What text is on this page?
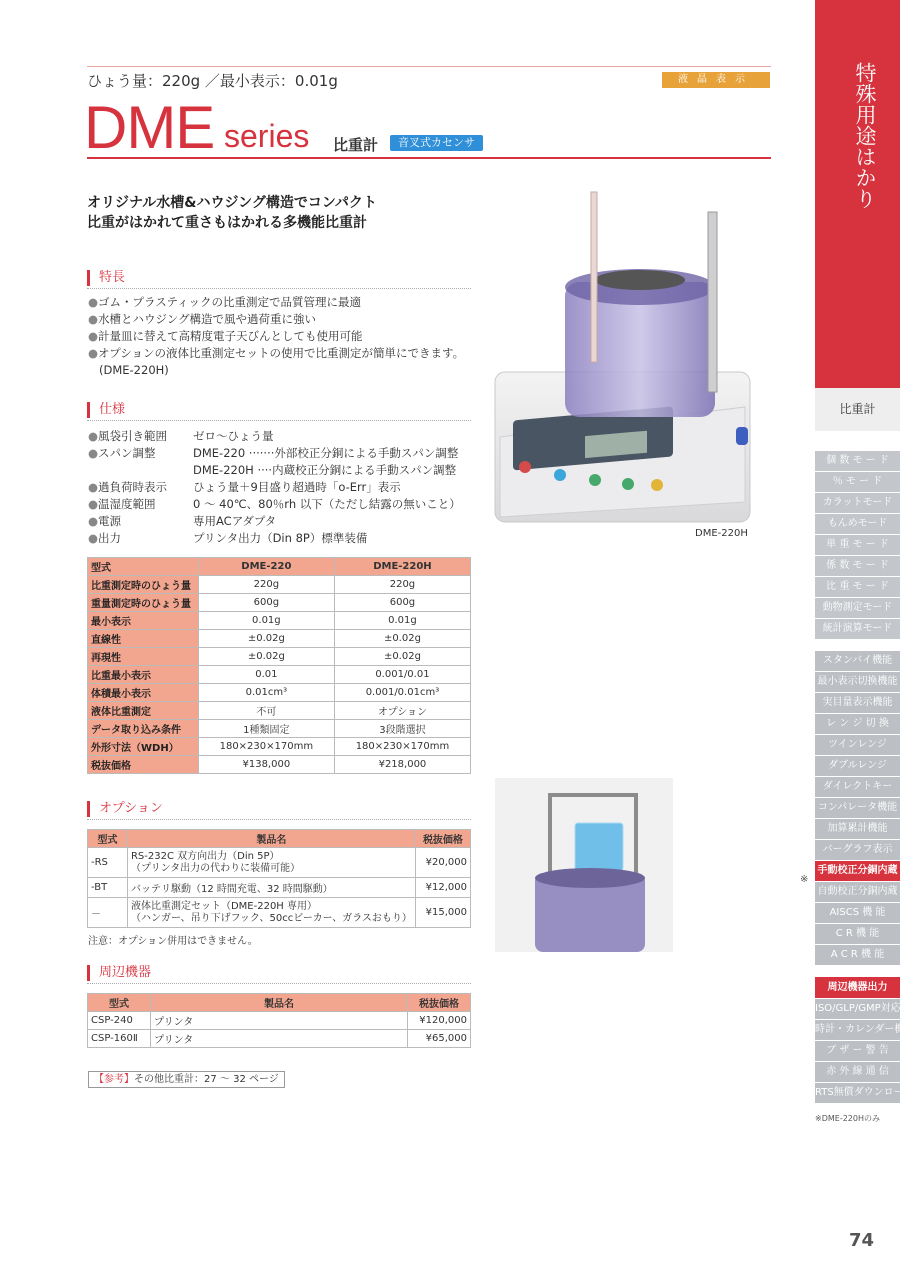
ひょう量：220g ／最小表示：0.01g	液晶表示
DME series 比重計	音叉式カセンサ
オリジナル水槽&ハウジング構造でコンパクト
比重がはかれて重さもはかれる多機能比重計
特長
●ゴム・プラスティックの比重測定で品質管理に最適
●水槽とハウジング構造で風や過荷重に強い
●計量皿に替えて高精度電子天びんとしても使用可能
●オプションの液体比重測定セットの使用で比重測定が簡単にできます。
(DME-220H)
仕様
●風袋引き範囲	ゼロ～ひょう量
●スパン調整	DME-220 ·······外部校正分銅による手動スパン調整
DME-220H ····内蔵校正分銅による手動スパン調整
●過負荷時表示	ひょう量＋9目盛り超過時「o-Err」表示
●温湿度範囲	0 ～ 40℃、80％rh 以下（ただし結露の無いこと）
●電源	専用ACアダプタ
●出力	プリンタ出力（Din 8P）標準装備
型式	DME-220	DME-220H
比重測定時のひょう量	220g	220g
重量測定時のひょう量	600g	600g
最小表示	0.01g	0.01g
直線性	±0.02g	±0.02g
再現性	±0.02g	±0.02g
比重最小表示	0.01	0.001/0.01
体積最小表示	0.01cm³	0.001/0.01cm³
液体比重測定	不可	オプション
データ取り込み条件	1種類固定	3段階選択
外形寸法（WDH）	180×230×170mm	180×230×170mm
税抜価格	¥138,000	¥218,000
オプション
型式	製品名	税抜価格
-RS	RS-232C 双方向出力（Din 5P）
（プリンタ出力の代わりに装備可能）	¥20,000
-BT	バッテリ駆動（12 時間充電、32 時間駆動）	¥12,000
－	液体比重測定セット（DME-220H 専用）
（ハンガー、吊り下げフック、50ccビーカー、ガラスおもり）	¥15,000
注意：オプション併用はできません。
周辺機器
型式	製品名	税抜価格
CSP-240	プリンタ	¥120,000
CSP-160Ⅱ	プリンタ	¥65,000
【参考】その他比重計：27 ～ 32 ページ
DME-220H
特殊用途はかり
比重計
個 数 モ ー ド
％ モ ー ド
カラットモード
もんめモード
単 重 モ ー ド
係 数 モ ー ド
比 重 モ ー ド
動物測定モード
統計演算モード
スタンバイ機能
最小表示切換機能
実目量表示機能
レ ン ジ 切 換
ツインレンジ
ダブルレンジ
ダイレクトキー
コンパレータ機能
加算累計機能
バーグラフ表示
手動校正分銅内蔵
自動校正分銅内蔵
AISCS 機 能
C R 機 能
A C R 機 能
周辺機器出力
ISO/GLP/GMP対応印字
時計・カレンダー機能
ブ ザ ー 警 告
赤 外 線 通 信
RTS無償ダウンロード
※
※DME-220Hのみ
74
